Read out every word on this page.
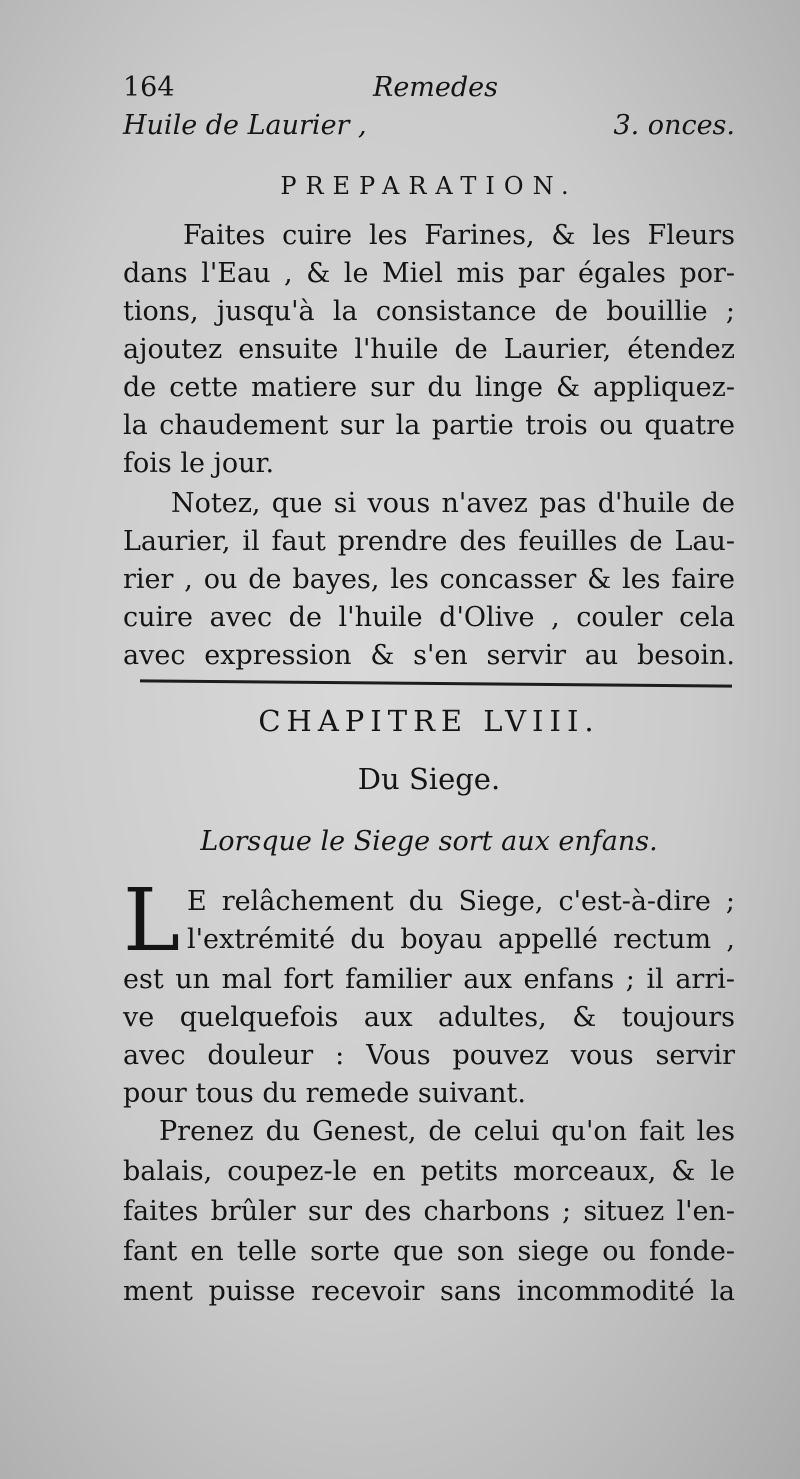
164	Remedes
Huile de Laurier ,	3. onces.
PREPARATION.
Faites cuire les Farines, & les Fleurs
dans l'Eau , & le Miel mis par égales por-
tions, jusqu'à la consistance de bouillie ;
ajoutez ensuite l'huile de Laurier, étendez
de cette matiere sur du linge & appliquez-
la chaudement sur la partie trois ou quatre
fois le jour.
Notez, que si vous n'avez pas d'huile de
Laurier, il faut prendre des feuilles de Lau-
rier , ou de bayes, les concasser & les faire
cuire avec de l'huile d'Olive , couler cela
avec expression & s'en servir au besoin.
CHAPITRE LVIII.
Du Siege.
Lorsque le Siege sort aux enfans.
L E relâchement du Siege, c'est-à-dire ;
l'extrémité du boyau appellé rectum ,
est un mal fort familier aux enfans ; il arri-
ve quelquefois aux adultes, & toujours
avec douleur : Vous pouvez vous servir
pour tous du remede suivant.
Prenez du Genest, de celui qu'on fait les
balais, coupez-le en petits morceaux, & le
faites brûler sur des charbons ; situez l'en-
fant en telle sorte que son siege ou fonde-
ment puisse recevoir sans incommodité la
